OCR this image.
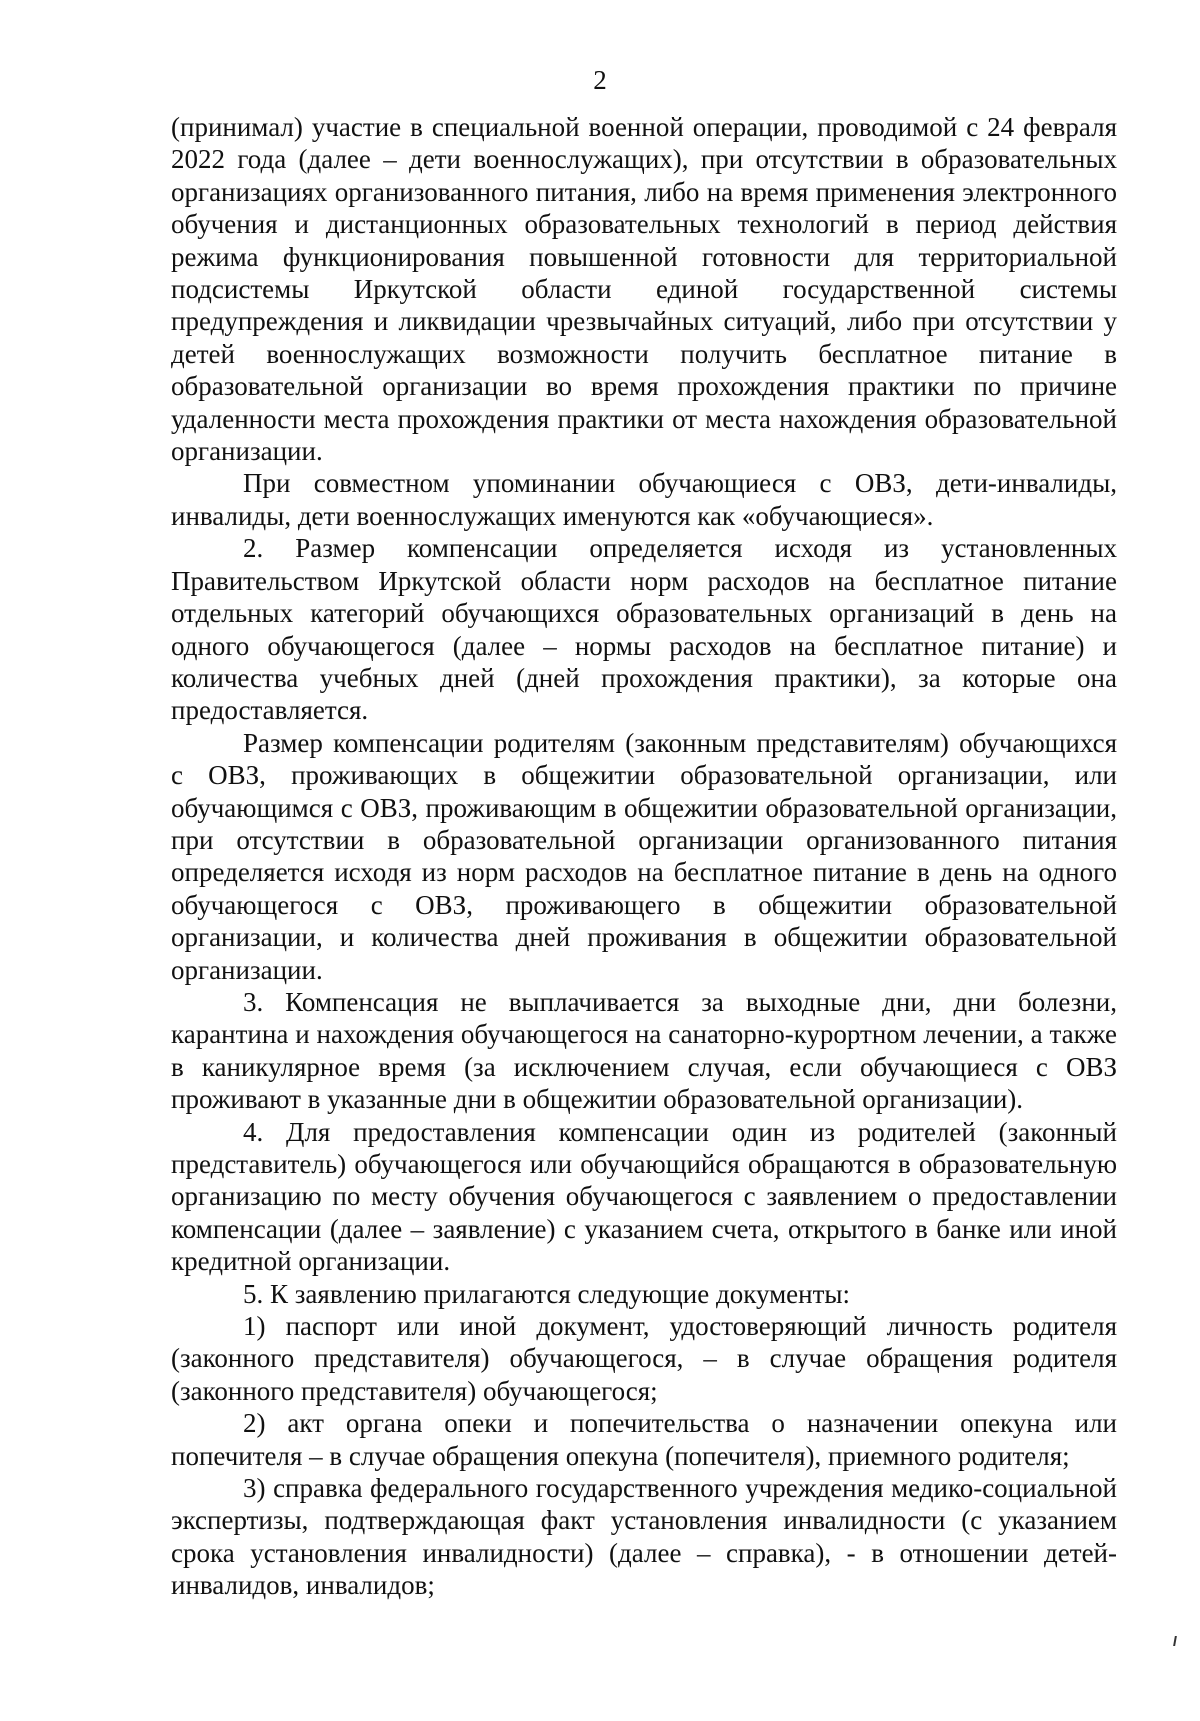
2

(принимал) участие в специальной военной операции, проводимой с 24 февраля 2022 года (далее – дети военнослужащих), при отсутствии в образовательных организациях организованного питания, либо на время применения электронного обучения и дистанционных образовательных технологий в период действия режима функционирования повышенной готовности для территориальной подсистемы Иркутской области единой государственной системы предупреждения и ликвидации чрезвычайных ситуаций, либо при отсутствии у детей военнослужащих возможности получить бесплатное питание в образовательной организации во время прохождения практики по причине удаленности места прохождения практики от места нахождения образовательной организации.

При совместном упоминании обучающиеся с ОВЗ, дети-инвалиды, инвалиды, дети военнослужащих именуются как «обучающиеся».

2. Размер компенсации определяется исходя из установленных Правительством Иркутской области норм расходов на бесплатное питание отдельных категорий обучающихся образовательных организаций в день на одного обучающегося (далее – нормы расходов на бесплатное питание) и количества учебных дней (дней прохождения практики), за которые она предоставляется.

Размер компенсации родителям (законным представителям) обучающихся с ОВЗ, проживающих в общежитии образовательной организации, или обучающимся с ОВЗ, проживающим в общежитии образовательной организации, при отсутствии в образовательной организации организованного питания определяется исходя из норм расходов на бесплатное питание в день на одного обучающегося с ОВЗ, проживающего в общежитии образовательной организации, и количества дней проживания в общежитии образовательной организации.

3. Компенсация не выплачивается за выходные дни, дни болезни, карантина и нахождения обучающегося на санаторно-курортном лечении, а также в каникулярное время (за исключением случая, если обучающиеся с ОВЗ проживают в указанные дни в общежитии образовательной организации).

4. Для предоставления компенсации один из родителей (законный представитель) обучающегося или обучающийся обращаются в образовательную организацию по месту обучения обучающегося с заявлением о предоставлении компенсации (далее – заявление) с указанием счета, открытого в банке или иной кредитной организации.

5. К заявлению прилагаются следующие документы:

1) паспорт или иной документ, удостоверяющий личность родителя (законного представителя) обучающегося, – в случае обращения родителя (законного представителя) обучающегося;

2) акт органа опеки и попечительства о назначении опекуна или попечителя – в случае обращения опекуна (попечителя), приемного родителя;

3) справка федерального государственного учреждения медико-социальной экспертизы, подтверждающая факт установления инвалидности (с указанием срока установления инвалидности) (далее – справка), - в отношении детей-инвалидов, инвалидов;
